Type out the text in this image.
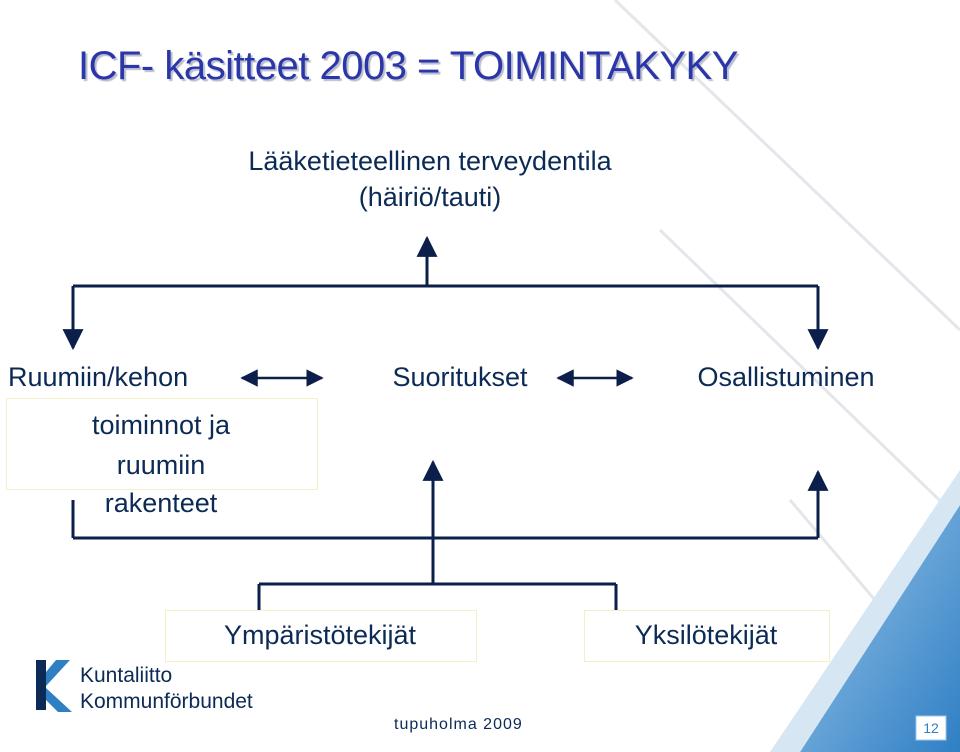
ICF- käsitteet 2003 = TOIMINTAKYKY
Lääketieteellinen terveydentila
(häiriö/tauti)
Ruumiin/kehon
toiminnot ja
ruumiin
rakenteet
Suoritukset	Osallistuminen
Ympäristötekijät	Yksilötekijät
Kuntaliitto
Kommunförbundet
tupuholma 2009	12
